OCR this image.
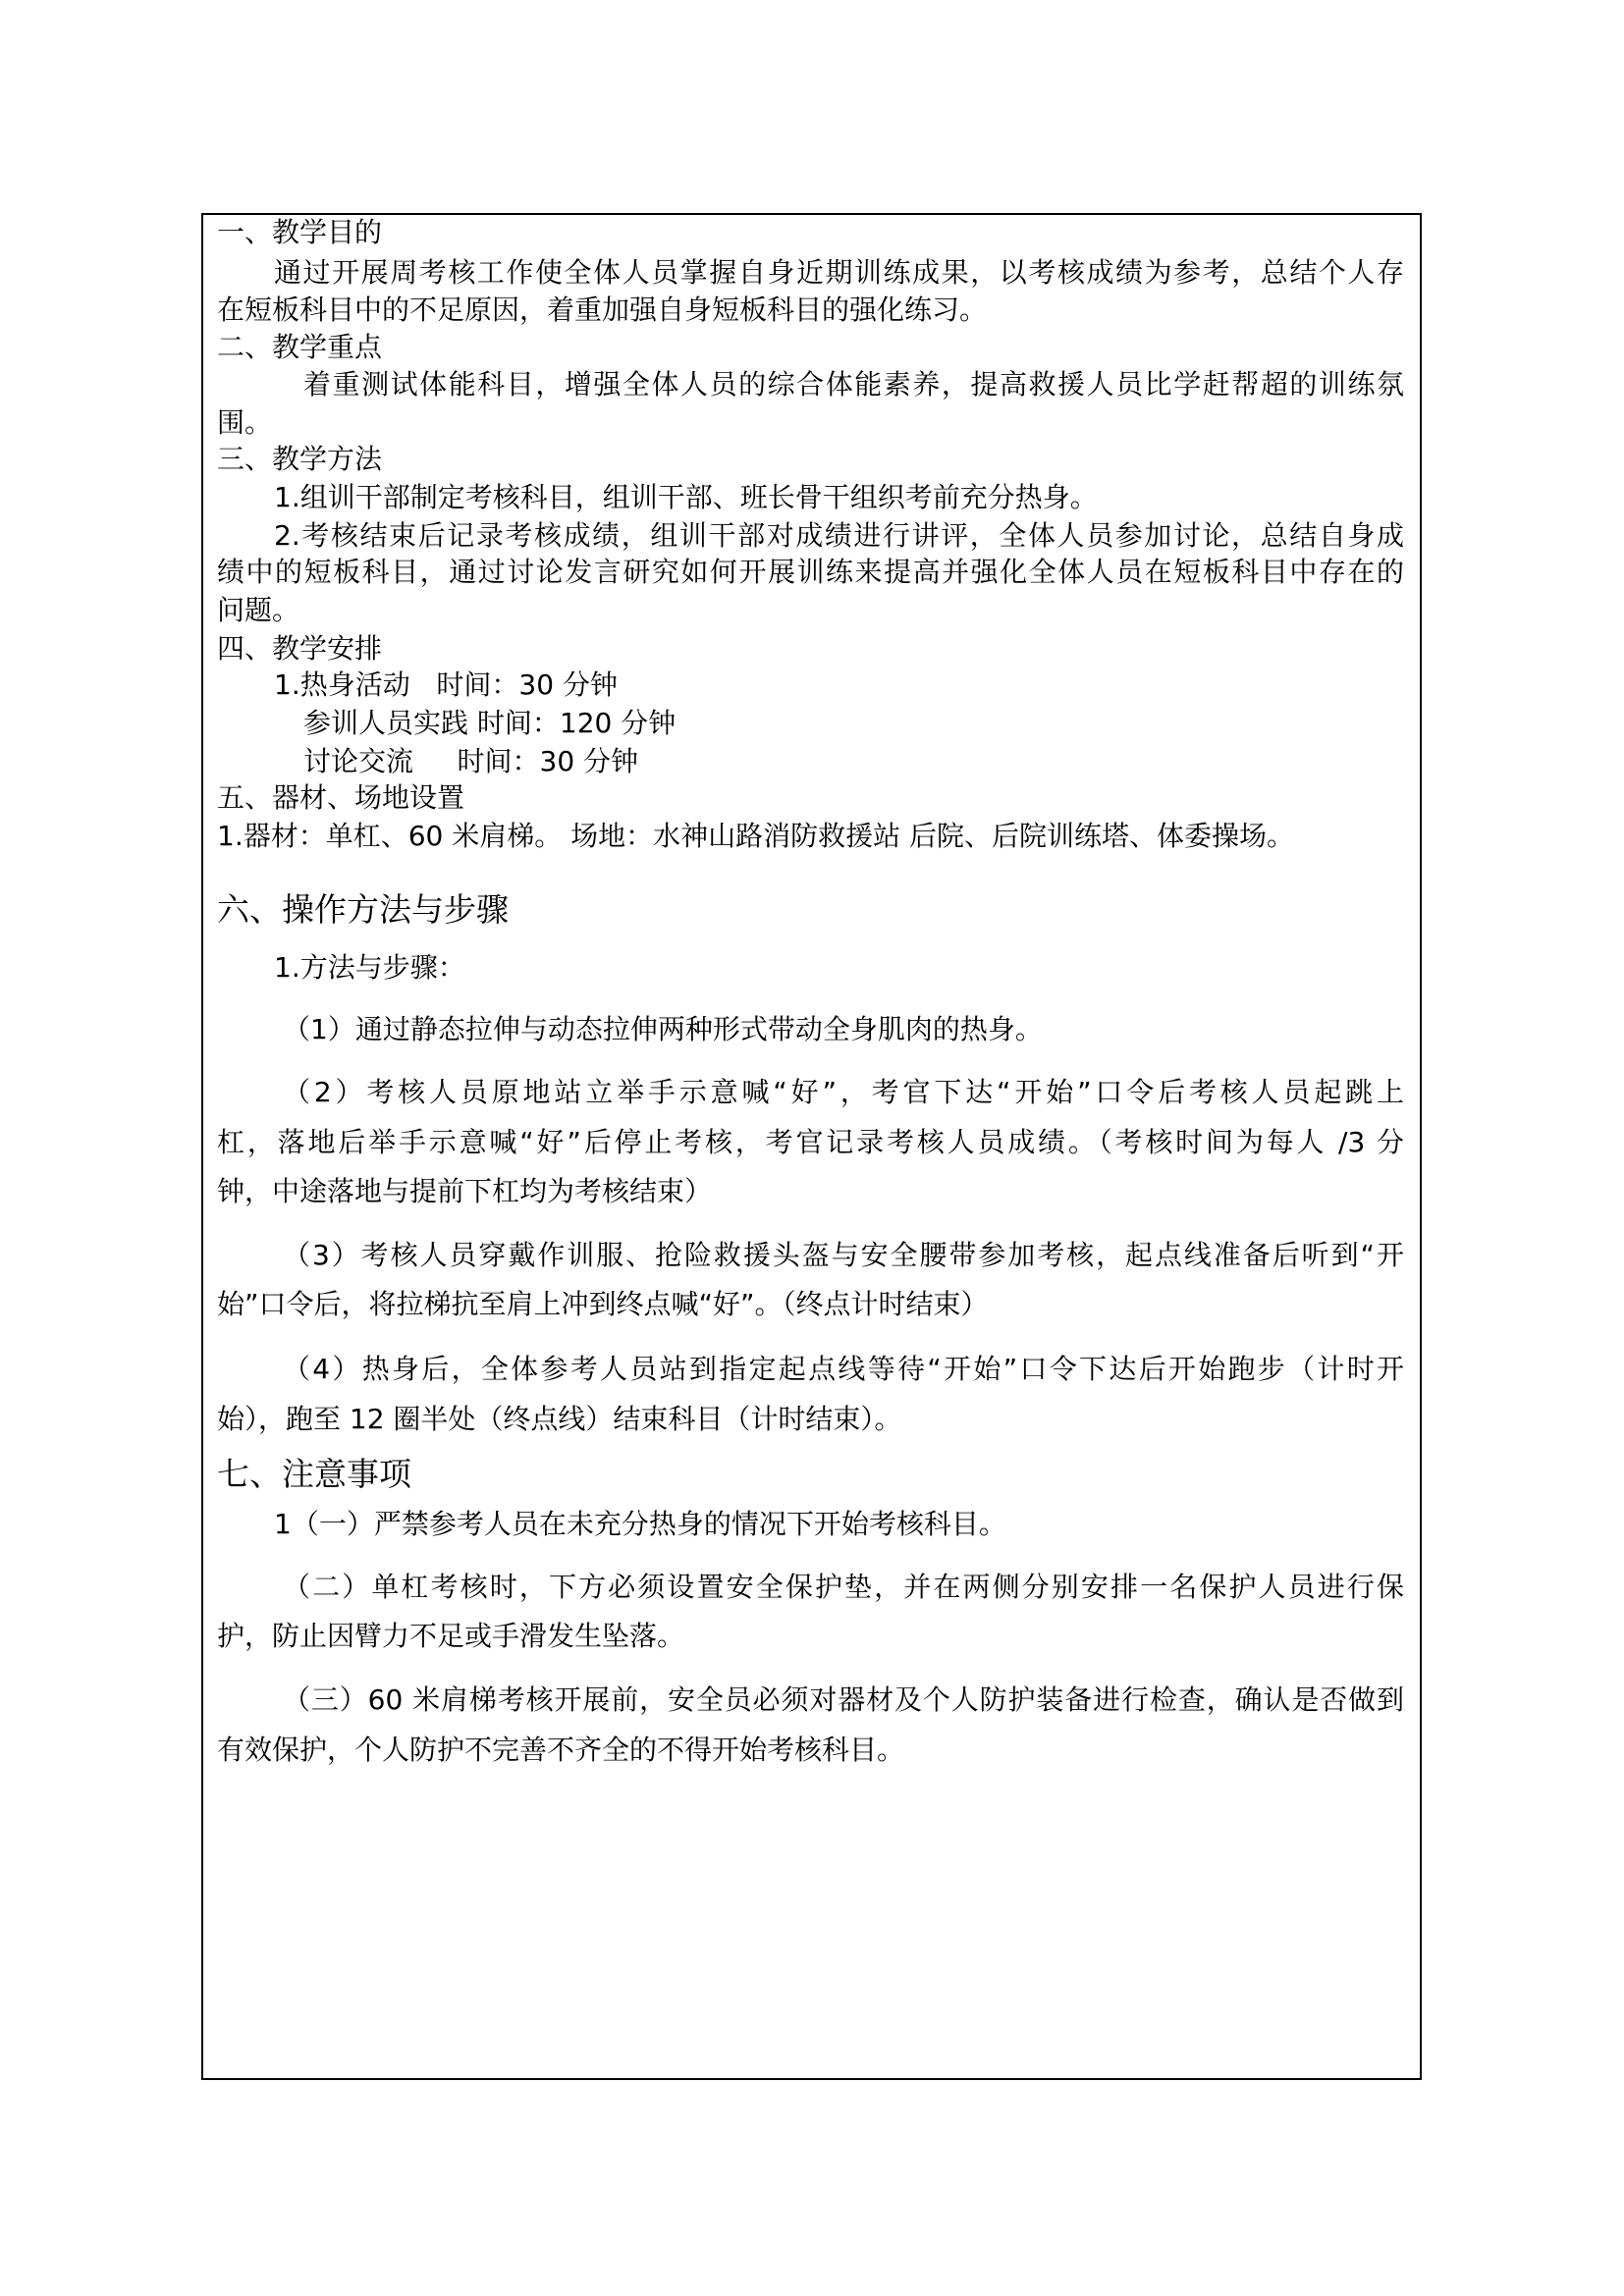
一、教学目的
通过开展周考核工作使全体人员掌握自身近期训练成果，以考核成绩为参考，总结个人存
在短板科目中的不足原因，着重加强自身短板科目的强化练习。
二、教学重点
着重测试体能科目，增强全体人员的综合体能素养，提高救援人员比学赶帮超的训练氛
围。
三、教学方法
1.组训干部制定考核科目，组训干部、班长骨干组织考前充分热身。
2.考核结束后记录考核成绩，组训干部对成绩进行讲评，全体人员参加讨论，总结自身成
绩中的短板科目，通过讨论发言研究如何开展训练来提高并强化全体人员在短板科目中存在的
问题。
四、教学安排
1.热身活动   时间：30 分钟
参训人员实践 时间：120 分钟
讨论交流     时间：30 分钟
五、器材、场地设置
1.器材：单杠、60 米肩梯。 场地：水神山路消防救援站 后院、后院训练塔、体委操场。
六、操作方法与步骤
1.方法与步骤：
（1）通过静态拉伸与动态拉伸两种形式带动全身肌肉的热身。
（2）考核人员原地站立举手示意喊“好”，考官下达“开始”口令后考核人员起跳上
杠，落地后举手示意喊“好”后停止考核，考官记录考核人员成绩。（考核时间为每人 /3 分
钟，中途落地与提前下杠均为考核结束）
（3）考核人员穿戴作训服、抢险救援头盔与安全腰带参加考核，起点线准备后听到“开
始”口令后，将拉梯抗至肩上冲到终点喊“好”。（终点计时结束）
（4）热身后，全体参考人员站到指定起点线等待“开始”口令下达后开始跑步（计时开
始），跑至 12 圈半处（终点线）结束科目（计时结束）。
七、注意事项
1（一）严禁参考人员在未充分热身的情况下开始考核科目。
（二）单杠考核时，下方必须设置安全保护垫，并在两侧分别安排一名保护人员进行保
护，防止因臂力不足或手滑发生坠落。
（三）60 米肩梯考核开展前，安全员必须对器材及个人防护装备进行检查，确认是否做到
有效保护，个人防护不完善不齐全的不得开始考核科目。
